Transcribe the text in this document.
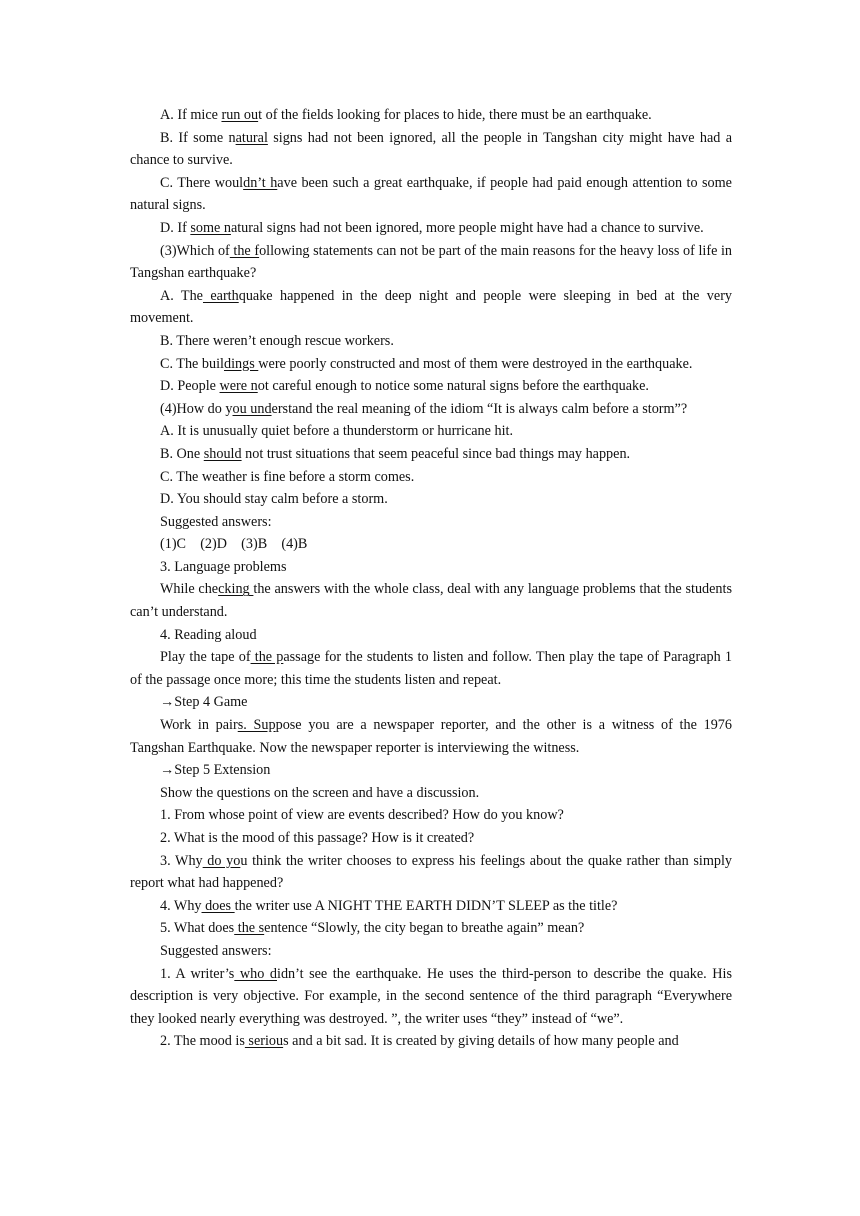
A. If mice run out of the fields looking for places to hide, there must be an earthquake.

B. If some natural signs had not been ignored, all the people in Tangshan city might have had a chance to survive.

C. There wouldn’t have been such a great earthquake, if people had paid enough attention to some natural signs.

D. If some natural signs had not been ignored, more people might have had a chance to survive.

(3)Which of the following statements can not be part of the main reasons for the heavy loss of life in Tangshan earthquake?

A. The earthquake happened in the deep night and people were sleeping in bed at the very movement.

B. There weren’t enough rescue workers.

C. The buildings were poorly constructed and most of them were destroyed in the earthquake.

D. People were not careful enough to notice some natural signs before the earthquake.

(4)How do you understand the real meaning of the idiom “It is always calm before a storm”?

A. It is unusually quiet before a thunderstorm or hurricane hit.

B. One should not trust situations that seem peaceful since bad things may happen.

C. The weather is fine before a storm comes.

D. You should stay calm before a storm.

Suggested answers:

(1)C    (2)D    (3)B    (4)B

3. Language problems

While checking the answers with the whole class, deal with any language problems that the students can’t understand.

4. Reading aloud

Play the tape of the passage for the students to listen and follow. Then play the tape of Paragraph 1 of the passage once more; this time the students listen and repeat.

→Step 4 Game

Work in pairs. Suppose you are a newspaper reporter, and the other is a witness of the 1976 Tangshan Earthquake. Now the newspaper reporter is interviewing the witness.

→Step 5 Extension

Show the questions on the screen and have a discussion.

1. From whose point of view are events described? How do you know?

2. What is the mood of this passage? How is it created?

3. Why do you think the writer chooses to express his feelings about the quake rather than simply report what had happened?

4. Why does the writer use A NIGHT THE EARTH DIDN’T SLEEP as the title?

5. What does the sentence “Slowly, the city began to breathe again” mean?

Suggested answers:

1. A writer’s who didn’t see the earthquake. He uses the third-person to describe the quake. His description is very objective. For example, in the second sentence of the third paragraph “Everywhere they looked nearly everything was destroyed. ”, the writer uses “they” instead of “we”.

2. The mood is serious and a bit sad. It is created by giving details of how many people and
